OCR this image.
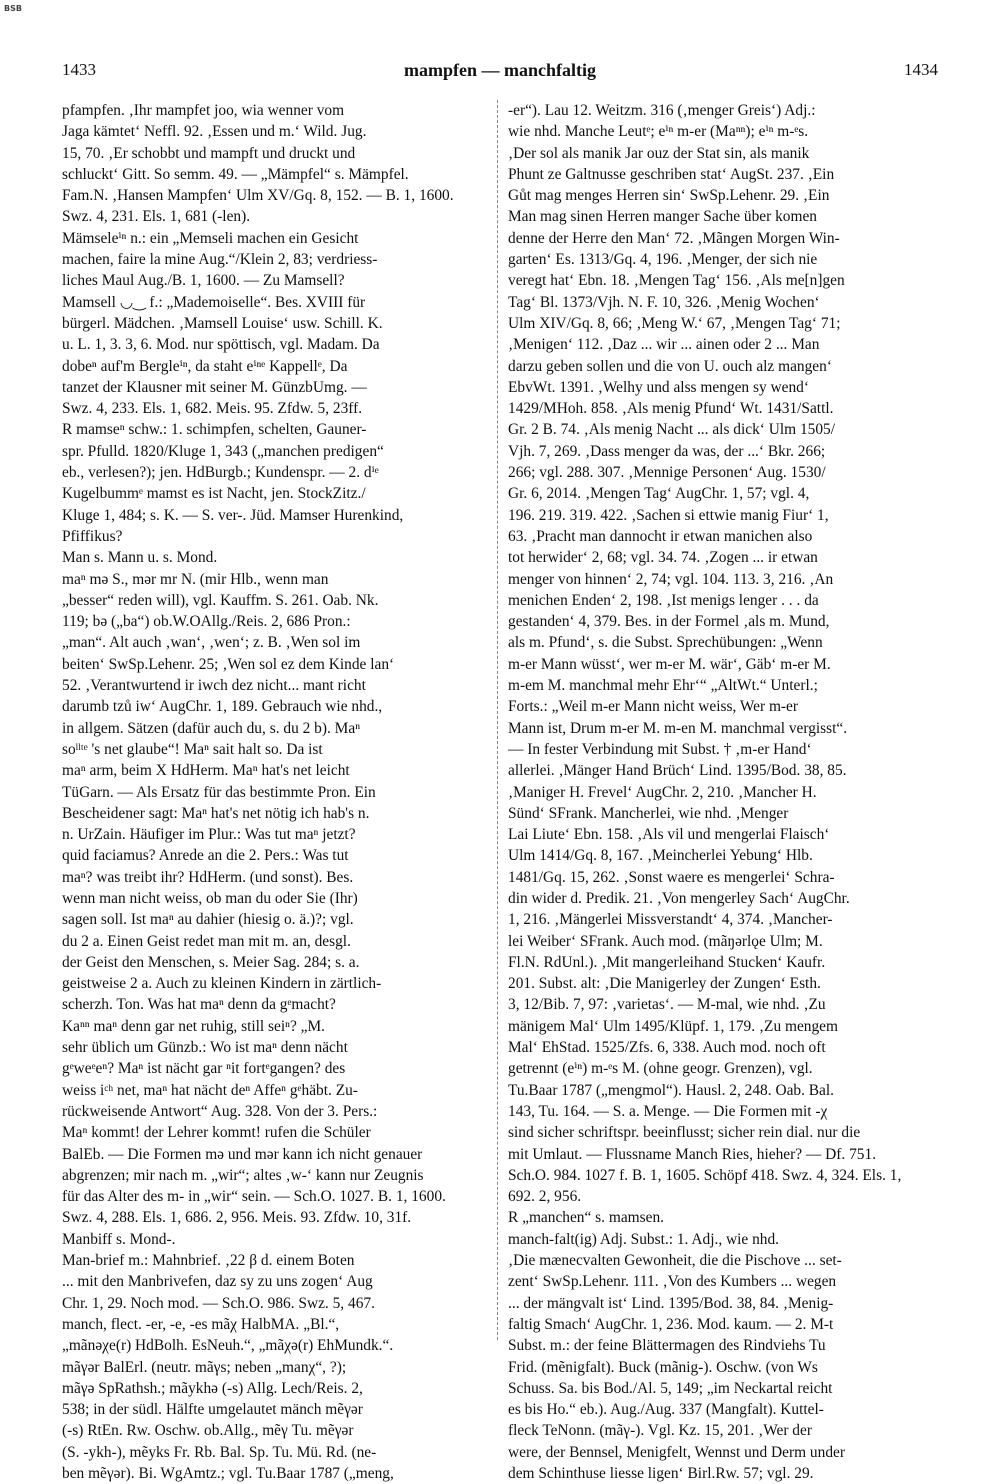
BSB
1433	mampfen — manchfaltig	1434
pfampfen. ‚Ihr mampfet joo, wia wenner vom
Jaga kämtet‘ Neffl. 92. ‚Essen und m.‘ Wild. Jug.
15, 70. ‚Er schobbt und mampft und druckt und
schluckt‘ Gitt. So semm. 49. — „Mämpfel“ s. Mämpfel.
Fam.N. ‚Hansen Mampfen‘ Ulm XV/Gq. 8, 152. — B. 1, 1600.
Swz. 4, 231. Els. 1, 681 (-len).
Mämseleⁱⁿ n.: ein „Memseli machen ein Gesicht
machen, faire la mine Aug.“/Klein 2, 83; verdriess-
liches Maul Aug./B. 1, 1600. — Zu Mamsell?
Mamsell ◡‿ f.: „Mademoiselle“. Bes. XVIII für
bürgerl. Mädchen. ‚Mamsell Louise‘ usw. Schill. K.
u. L. 1, 3. 3, 6. Mod. nur spöttisch, vgl. Madam. Da
dobeⁿ auf'm Bergleⁱⁿ, da staht eⁱⁿᵉ Kappellᵉ, Da
tanzet der Klausner mit seiner M. GünzbUmg. —
Swz. 4, 233. Els. 1, 682. Meis. 95. Zfdw. 5, 23ff.
R mamseⁿ schw.: 1. schimpfen, schelten, Gauner-
spr. Pfulld. 1820/Kluge 1, 343 („manchen predigen“
eb., verlesen?); jen. HdBurgb.; Kundenspr. — 2. dⁱᵉ
Kugelbummᵉ mamst es ist Nacht, jen. StockZitz./
Kluge 1, 484; s. K. — S. ver-. Jüd. Mamser Hurenkind,
Pfiffikus?
Man s. Mann u. s. Mond.
maⁿ mə S., mər mr N. (mir Hlb., wenn man
„besser“ reden will), vgl. Kauffm. S. 261. Oab. Nk.
119; bə („ba“) ob.W.OAllg./Reis. 2, 686 Pron.:
„man“. Alt auch ‚wan‘, ‚wen‘; z. B. ‚Wen sol im
beiten‘ SwSp.Lehenr. 25; ‚Wen sol ez dem Kinde lan‘
52. ‚Verantwurtend ir iwch dez nicht... mant richt
darumb tzů iw‘ AugChr. 1, 189. Gebrauch wie nhd.,
in allgem. Sätzen (dafür auch du, s. du 2 b). Maⁿ
soˡˡᵗᵉ 's net glaube“! Maⁿ sait halt so. Da ist
maⁿ arm, beim X HdHerm. Maⁿ hat's net leicht
TüGarn. — Als Ersatz für das bestimmte Pron. Ein
Bescheidener sagt: Maⁿ hat's net nötig ich hab's n.
n. UrZain. Häufiger im Plur.: Was tut maⁿ jetzt?
quid faciamus? Anrede an die 2. Pers.: Was tut
maⁿ? was treibt ihr? HdHerm. (und sonst). Bes.
wenn man nicht weiss, ob man du oder Sie (Ihr)
sagen soll. Ist maⁿ au dahier (hiesig o. ä.)?; vgl.
du 2 a. Einen Geist redet man mit m. an, desgl.
der Geist den Menschen, s. Meier Sag. 284; s. a.
geistweise 2 a. Auch zu kleinen Kindern in zärtlich-
scherzh. Ton. Was hat maⁿ denn da gᵉmacht?
Kaⁿⁿ maⁿ denn gar net ruhig, still seiⁿ? „M.
sehr üblich um Günzb.: Wo ist maⁿ denn nächt
gᵉweᵉeⁿ? Maⁿ ist nächt gar ⁿit fortᵉgangen? des
weiss iᶜʰ net, maⁿ hat nächt deⁿ Affeⁿ gᵉhäbt. Zu-
rückweisende Antwort“ Aug. 328. Von der 3. Pers.:
Maⁿ kommt! der Lehrer kommt! rufen die Schüler
BalEb. — Die Formen mə und mər kann ich nicht genauer
abgrenzen; mir nach m. „wir“; altes ‚w-‘ kann nur Zeugnis
für das Alter des m- in „wir“ sein. — Sch.O. 1027. B. 1, 1600.
Swz. 4, 288. Els. 1, 686. 2, 956. Meis. 93. Zfdw. 10, 31f.
Manbiff s. Mond-.
Man-brief m.: Mahnbrief. ‚22 β d. einem Boten
... mit den Manbrivefen, daz sy zu uns zogen‘ Aug
Chr. 1, 29. Noch mod. — Sch.O. 986. Swz. 5, 467.
manch, flect. -er, -e, -es mãχ HalbMA. „Bl.“,
„mãnəχe(r) HdBolh. EsNeuh.“, „mãχə(r) EhMundk.“.
mãγər BalErl. (neutr. mãγs; neben „manχ“, ?);
mãγə SpRathsh.; mãykhə (-s) Allg. Lech/Reis. 2,
538; in der südl. Hälfte umgelautet mänch mẽγər
(-s) RtEn. Rw. Oschw. ob.Allg., mẽγ Tu. mẽγər
(S. -ykh-), mẽyks Fr. Rb. Bal. Sp. Tu. Mü. Rd. (ne-
ben mẽγər). Bi. WgAmtz.; vgl. Tu.Baar 1787 („meng,
-er“). Lau 12. Weitzm. 316 (‚menger Greis‘) Adj.:
wie nhd. Manche Leutᵉ; eⁱⁿ m-er (Maⁿⁿ); eⁱⁿ m-ᵉs.
‚Der sol als manik Jar ouz der Stat sin, als manik
Phunt ze Galtnusse geschriben stat‘ AugSt. 237. ‚Ein
Gůt mag menges Herren sin‘ SwSp.Lehenr. 29. ‚Ein
Man mag sinen Herren manger Sache über komen
denne der Herre den Man‘ 72. ‚Mãngen Morgen Win-
garten‘ Es. 1313/Gq. 4, 196. ‚Menger, der sich nie
veregt hat‘ Ebn. 18. ‚Mengen Tag‘ 156. ‚Als me[n]gen
Tag‘ Bl. 1373/Vjh. N. F. 10, 326. ‚Menig Wochen‘
Ulm XIV/Gq. 8, 66; ‚Meng W.‘ 67, ‚Mengen Tag‘ 71;
‚Menigen‘ 112. ‚Daz ... wir ... ainen oder 2 ... Man
darzu geben sollen und die von U. ouch alz mangen‘
EbvWt. 1391. ‚Welhy und alss mengen sy wend‘
1429/MHoh. 858. ‚Als menig Pfund‘ Wt. 1431/Sattl.
Gr. 2 B. 74. ‚Als menig Nacht ... als dick‘ Ulm 1505/
Vjh. 7, 269. ‚Dass menger da was, der ...‘ Bkr. 266;
266; vgl. 288. 307. ‚Mennige Personen‘ Aug. 1530/
Gr. 6, 2014. ‚Mengen Tag‘ AugChr. 1, 57; vgl. 4,
196. 219. 319. 422. ‚Sachen si ettwie manig Fiur‘ 1,
63. ‚Pracht man dannocht ir etwan manichen also
tot herwider‘ 2, 68; vgl. 34. 74. ‚Zogen ... ir etwan
menger von hinnen‘ 2, 74; vgl. 104. 113. 3, 216. ‚An
menichen Enden‘ 2, 198. ‚Ist menigs lenger . . . da
gestanden‘ 4, 379. Bes. in der Formel ‚als m. Mund,
als m. Pfund‘, s. die Subst. Sprechübungen: „Wenn
m-er Mann wüsst‘, wer m-er M. wär‘, Gäb‘ m-er M.
m-em M. manchmal mehr Ehr‘“ „AltWt.“ Unterl.;
Forts.: „Weil m-er Mann nicht weiss, Wer m-er
Mann ist, Drum m-er M. m-en M. manchmal vergisst“.
— In fester Verbindung mit Subst. † ‚m-er Hand‘
allerlei. ‚Mänger Hand Brüch‘ Lind. 1395/Bod. 38, 85.
‚Maniger H. Frevel‘ AugChr. 2, 210. ‚Mancher H.
Sünd‘ SFrank. Mancherlei, wie nhd. ‚Menger
Lai Liute‘ Ebn. 158. ‚Als vil und mengerlai Flaisch‘
Ulm 1414/Gq. 8, 167. ‚Meincherlei Yebung‘ Hlb.
1481/Gq. 15, 262. ‚Sonst waere es mengerlei‘ Schra-
din wider d. Predik. 21. ‚Von mengerley Sach‘ AugChr.
1, 216. ‚Mängerlei Missverstandt‘ 4, 374. ‚Mancher-
lei Weiber‘ SFrank. Auch mod. (mãŋərlǫe Ulm; M.
Fl.N. RdUnl.). ‚Mit mangerleihand Stucken‘ Kaufr.
201. Subst. alt: ‚Die Manigerley der Zungen‘ Esth.
3, 12/Bib. 7, 97: ‚varietas‘. — M-mal, wie nhd. ‚Zu
mänigem Mal‘ Ulm 1495/Klüpf. 1, 179. ‚Zu mengem
Mal‘ EhStad. 1525/Zfs. 6, 338. Auch mod. noch oft
getrennt (eⁱⁿ) m-ᵉs M. (ohne geogr. Grenzen), vgl.
Tu.Baar 1787 („mengmol“). Hausl. 2, 248. Oab. Bal.
143, Tu. 164. — S. a. Menge. — Die Formen mit -χ
sind sicher schriftspr. beeinflusst; sicher rein dial. nur die
mit Umlaut. — Flussname Manch Ries, hieher? — Df. 751.
Sch.O. 984. 1027 f. B. 1, 1605. Schöpf 418. Swz. 4, 324. Els. 1,
692. 2, 956.
R „manchen“ s. mamsen.
manch-falt(ig) Adj. Subst.: 1. Adj., wie nhd.
‚Die mænecvalten Gewonheit, die die Pischove ... set-
zent‘ SwSp.Lehenr. 111. ‚Von des Kumbers ... wegen
... der mängvalt ist‘ Lind. 1395/Bod. 38, 84. ‚Menig-
faltig Smach‘ AugChr. 1, 236. Mod. kaum. — 2. M-t
Subst. m.: der feine Blättermagen des Rindviehs Tu
Frid. (mẽnigfalt). Buck (mãnig-). Oschw. (von Ws
Schuss. Sa. bis Bod./Al. 5, 149; „im Neckartal reicht
es bis Ho.“ eb.). Aug./Aug. 337 (Mangfalt). Kuttel-
fleck TeNonn. (mãγ-). Vgl. Kz. 15, 201. ‚Wer der
were, der Bennsel, Menigfelt, Wennst und Derm under
dem Schinthuse liesse ligen‘ Birl.Rw. 57; vgl. 29.
